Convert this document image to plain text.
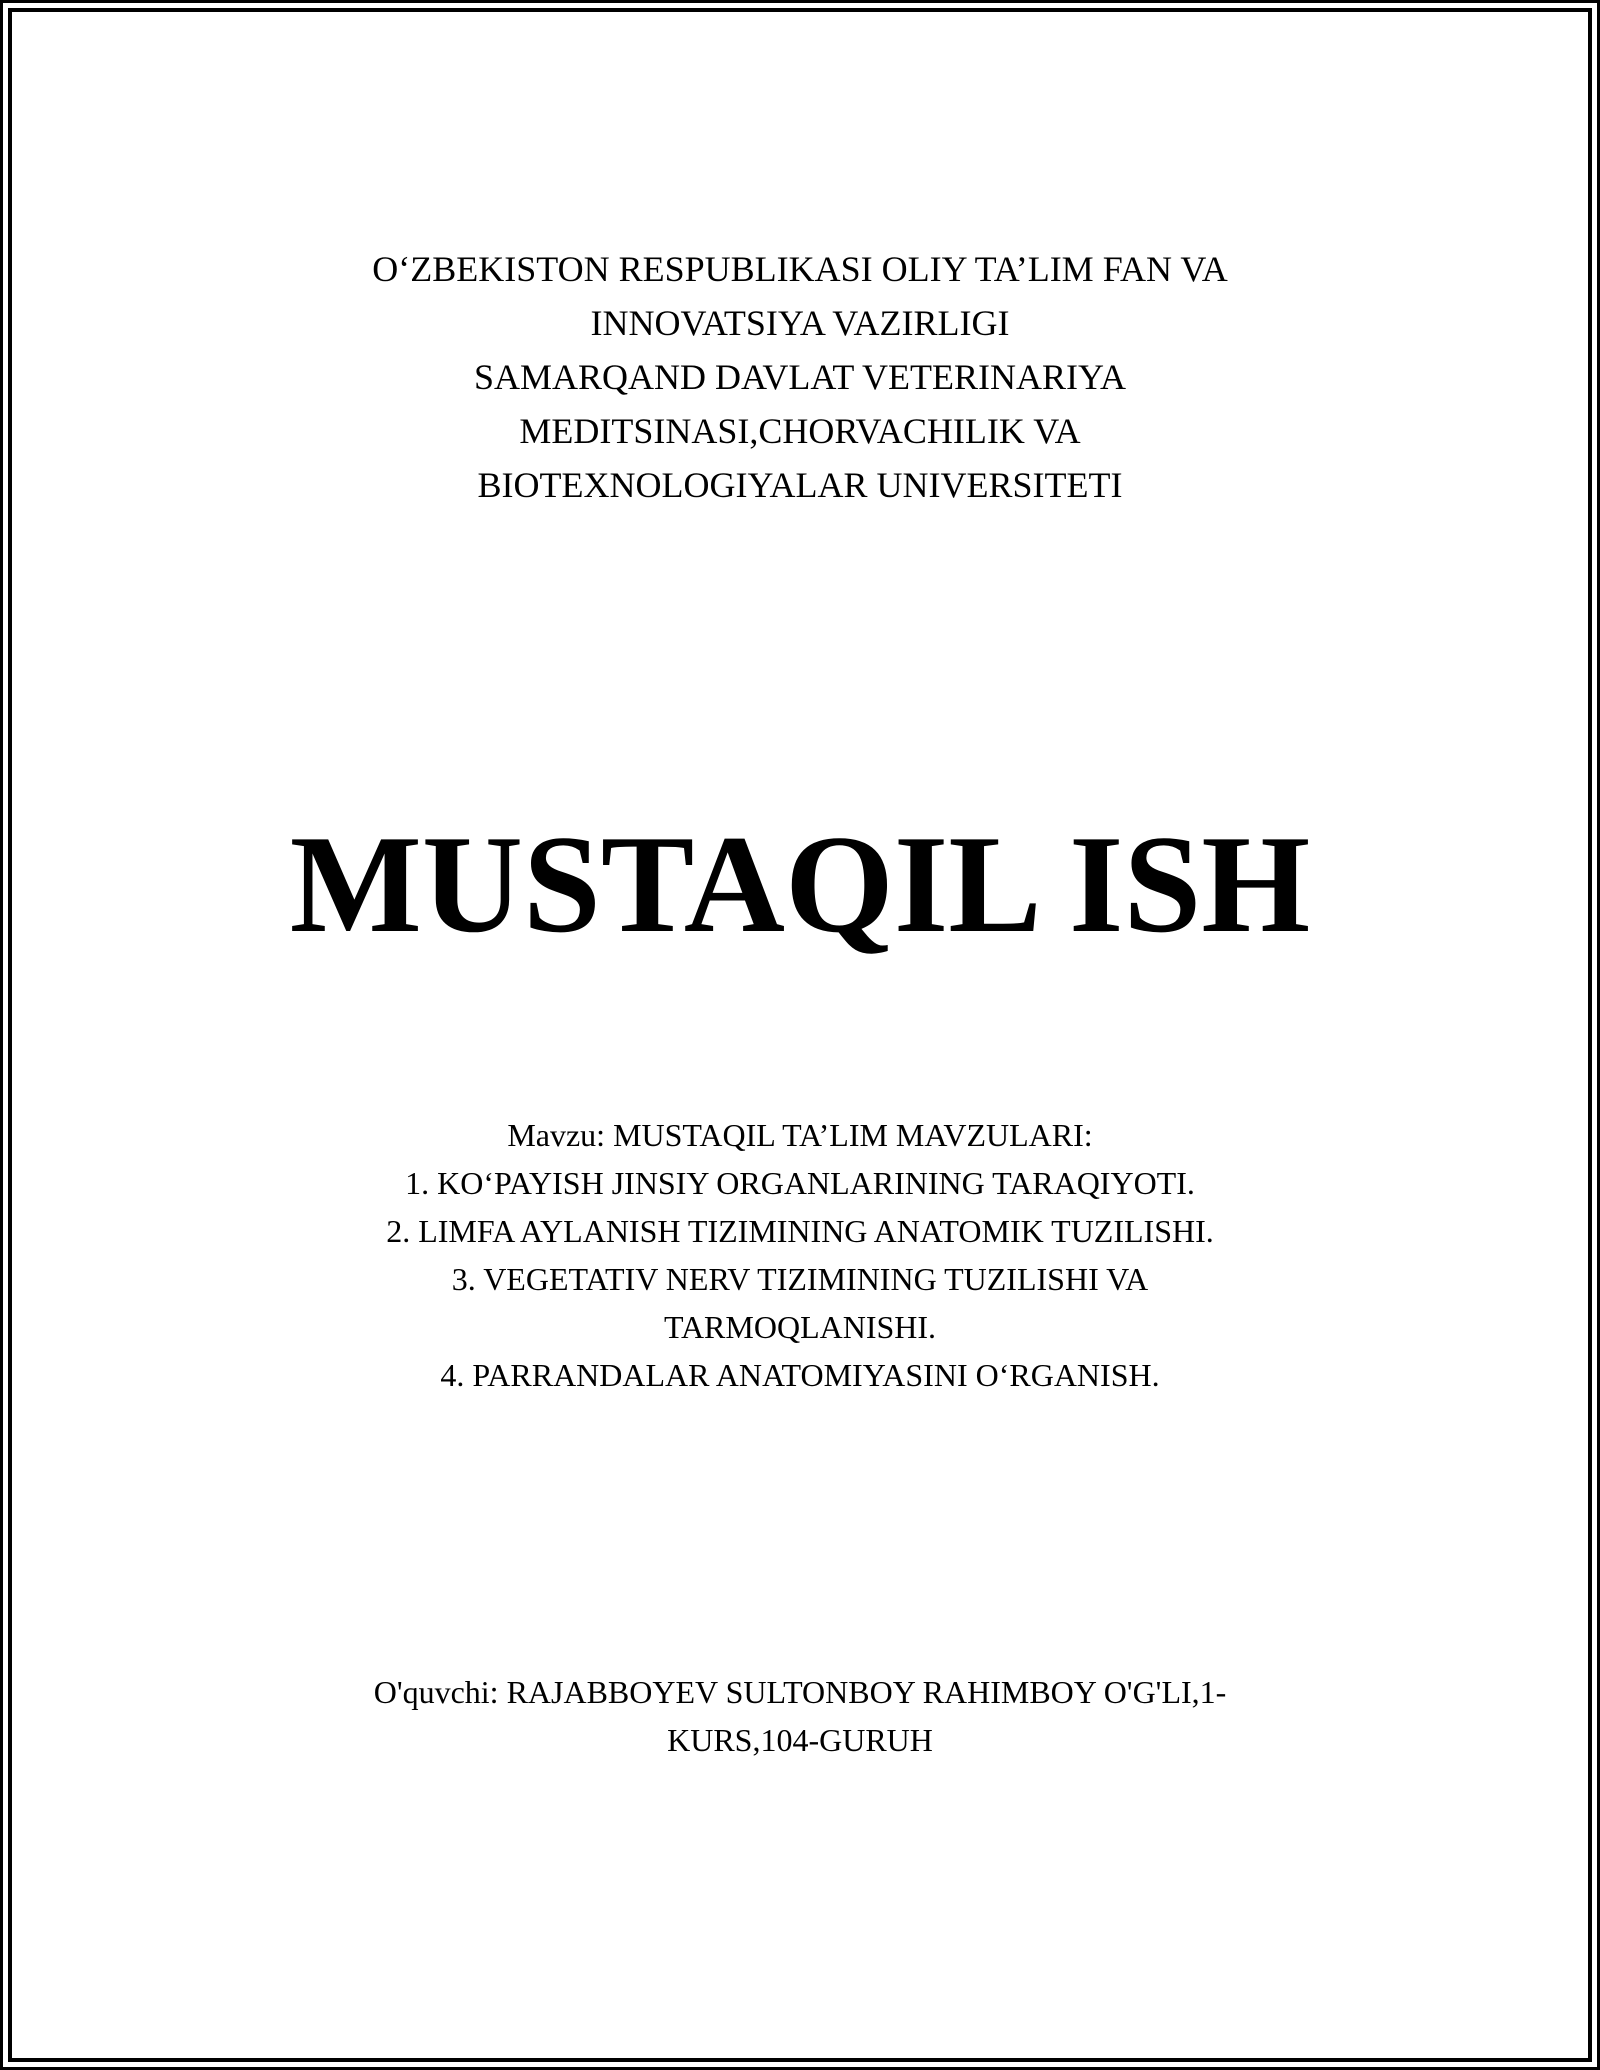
O‘ZBEKISTON RESPUBLIKASI OLIY TA’LIM FAN VA
INNOVATSIYA VAZIRLIGI
SAMARQAND DAVLAT VETERINARIYA
MEDITSINASI,CHORVACHILIK VA
BIOTEXNOLOGIYALAR UNIVERSITETI
MUSTAQIL ISH
Mavzu: MUSTAQIL TA’LIM MAVZULARI:
1. KO‘PAYISH JINSIY ORGANLARINING TARAQIYOTI.
2. LIMFA AYLANISH TIZIMINING ANATOMIK TUZILISHI.
3. VEGETATIV NERV TIZIMINING TUZILISHI VA
TARMOQLANISHI.
4. PARRANDALAR ANATOMIYASINI O‘RGANISH.
O'quvchi: RAJABBOYEV SULTONBOY RAHIMBOY O'G'LI,1-
KURS,104-GURUH
